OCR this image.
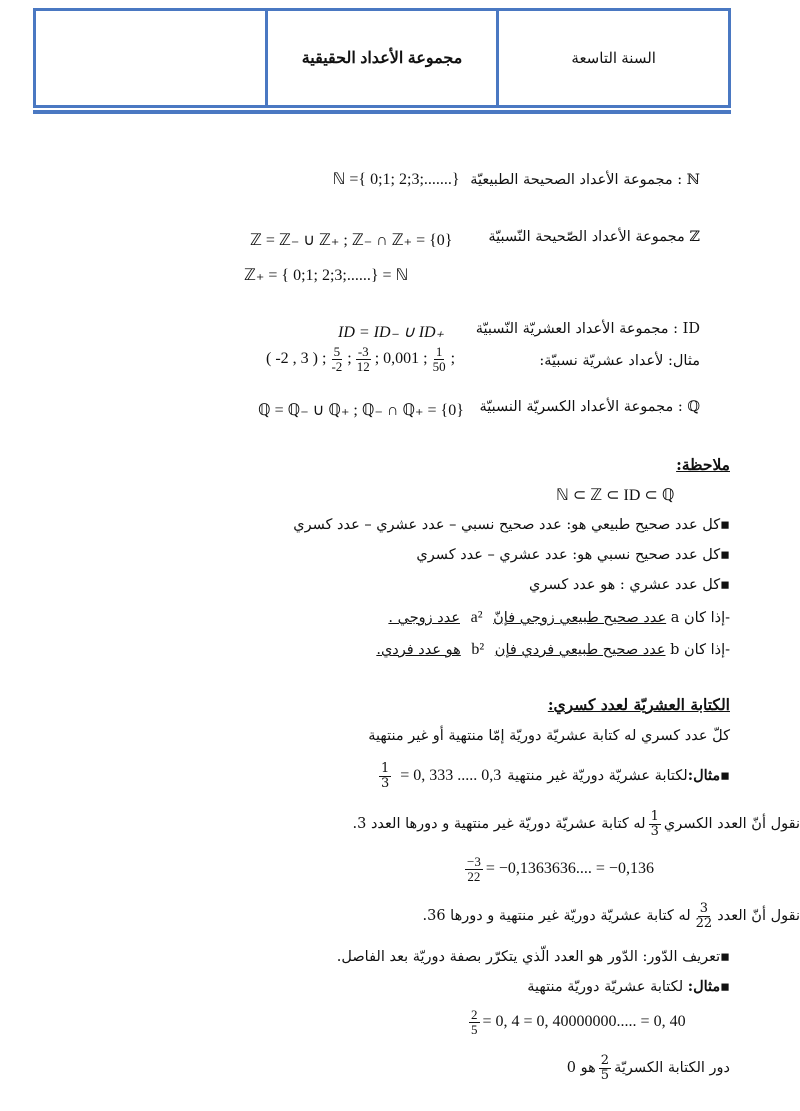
مجموعة الأعداد الحقيقية	السنة التاسعة
ℕ : مجموعة الأعداد الصحيحة الطبيعيّة ℕ ={ 0;1; 2;3;.......}
ℤ مجموعة الأعداد الصّحيحة النّسبيّة
ℤ = ℤ₋ ∪ ℤ₊ ; ℤ₋ ∩ ℤ₊ = {0}
ℤ₊ = { 0;1; 2;3;......} = ℕ
ID : مجموعة الأعداد العشريّة النّسبيّة
ID = ID₋ ∪ ID₊
مثال: لأعداد عشريّة نسبيّة:
( -2 , 3 ) ; $\frac{5}{-2}$ ; $\frac{-3}{12}$ ; 0,001 ; $\frac{1}{50}$ ;
ℚ : مجموعة الأعداد الكسريّة النسبيّة
ℚ = ℚ₋ ∪ ℚ₊ ; ℚ₋ ∩ ℚ₊ = {0}
ملاحظة:
ℕ ⊂ ℤ ⊂ ID ⊂ ℚ
▪كل عدد صحيح طبيعي هو: عدد صحيح نسبي – عدد عشري – عدد كسري
▪كل عدد صحيح نسبي هو: عدد عشري – عدد كسري
▪كل عدد عشري : هو عدد كسري
-إذا كان a عدد صحيح طبيعي زوجي فإنّ a² عدد زوجي .
-إذا كان b عدد صحيح طبيعي فردي فإن b² هو عدد فردي.
الكتابة العشريّة لعدد كسري:
كلّ عدد كسري له كتابة عشريّة دوريّة إمّا منتهية أو غير منتهية
▪مثال:
لكتابة عشريّة دوريّة غير منتهية
= 0, 333 ..... 0,3
$\frac{1}{3}$
نقول أنّ العدد الكسري
$\frac{1}{3}$
له كتابة عشريّة دوريّة غير منتهية و دورها العدد 3.
$\frac{-3}{22} = -0,1363636$.... = −0,136
نقول أنّ العدد
$\frac{3}{22}$
له كتابة عشريّة دوريّة غير منتهية و دورها 36.
▪تعريف الدّور: الدّور هو العدد الّذي يتكرّر بصفة دوريّة بعد الفاصل.
▪مثال: لكتابة عشريّة دوريّة منتهية
$\frac{2}{5} = 0$, 4 = 0, 40000000..... = 0, 40
دور الكتابة الكسريّة
$\frac{2}{5}$
هو 0
